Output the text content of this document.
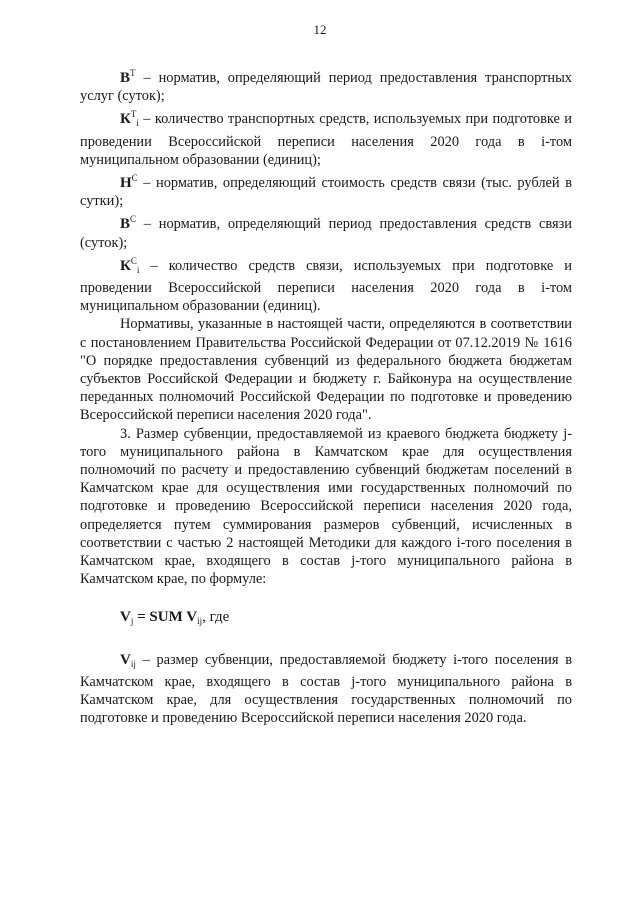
12

$В^Т$ – норматив, определяющий период предоставления транспортных услуг (суток);

$К^Т_i$ – количество транспортных средств, используемых при подготовке и проведении Всероссийской переписи населения 2020 года в i-том муниципальном образовании (единиц);

$Н^С$ – норматив, определяющий стоимость средств связи (тыс. рублей в сутки);

$В^С$ – норматив, определяющий период предоставления средств связи (суток);

$К^С_i$ – количество средств связи, используемых при подготовке и проведении Всероссийской переписи населения 2020 года в i-том муниципальном образовании (единиц).

Нормативы, указанные в настоящей части, определяются в соответствии с постановлением Правительства Российской Федерации от 07.12.2019 № 1616 "О порядке предоставления субвенций из федерального бюджета бюджетам субъектов Российской Федерации и бюджету г. Байконура на осуществление переданных полномочий Российской Федерации по подготовке и проведению Всероссийской переписи населения 2020 года".

3. Размер субвенции, предоставляемой из краевого бюджета бюджету j-того муниципального района в Камчатском крае для осуществления полномочий по расчету и предоставлению субвенций бюджетам поселений в Камчатском крае для осуществления ими государственных полномочий по подготовке и проведению Всероссийской переписи населения 2020 года, определяется путем суммирования размеров субвенций, исчисленных в соответствии с частью 2 настоящей Методики для каждого i-того поселения в Камчатском крае, входящего в состав j-того муниципального района в Камчатском крае, по формуле:

$V_j$ = SUM $V_{ij}$, где

$V_{ij}$ – размер субвенции, предоставляемой бюджету i-того поселения в Камчатском крае, входящего в состав j-того муниципального района в Камчатском крае, для осуществления государственных полномочий по подготовке и проведению Всероссийской переписи населения 2020 года.
